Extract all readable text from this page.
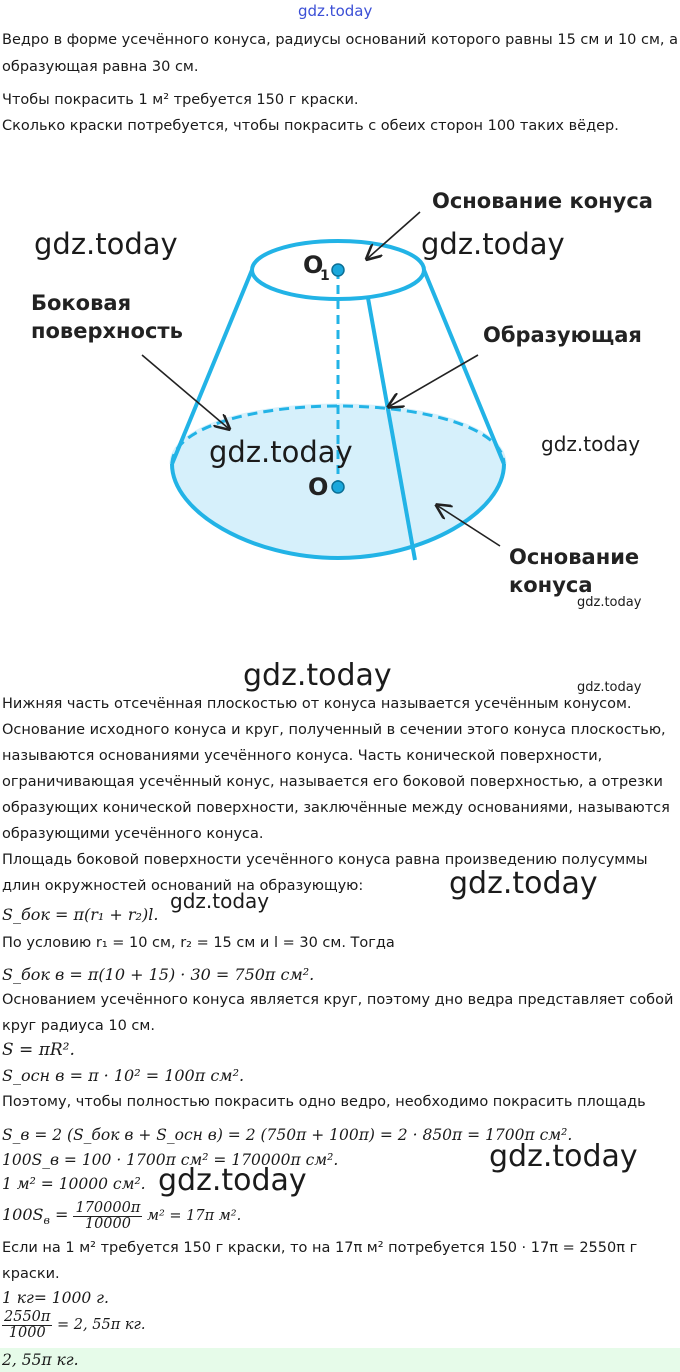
gdz.today
Ведро в форме усечённого конуса, радиусы оснований которого равны 15 см и 10 см, а
образующая равна 30 см.
Чтобы покрасить 1 м² требуется 150 г краски.
Сколько краски потребуется, чтобы покрасить с обеих сторон 100 таких вёдер.
Основание конуса
O
1
Боковая
поверхность	Образующая
O
Основание
конуса
gdz.today	gdz.today
gdz.today	gdz.today
gdz.today
gdz.today	gdz.today
Нижняя часть отсечённая плоскостью от конуса называется усечённым конусом.
Основание исходного конуса и круг, полученный в сечении этого конуса плоскостью,
называются основаниями усечённого конуса. Часть конической поверхности,
ограничивающая усечённый конус, называется его боковой поверхностью, а отрезки
образующих конической поверхности, заключённые между основаниями, называются
образующими усечённого конуса.
Площадь боковой поверхности усечённого конуса равна произведению полусуммы
длин окружностей оснований на образующую:	gdz.today
gdz.today
S_бок = π(r₁ + r₂)l.
По условию r₁ = 10 см, r₂ = 15 см и l = 30 см. Тогда
S_бок в = π(10 + 15) · 30 = 750π см².
Основанием усечённого конуса является круг, поэтому дно ведра представляет собой
круг радиуса 10 см.
S = πR².
S_осн в = π · 10² = 100π см².
Поэтому, чтобы полностью покрасить одно ведро, необходимо покрасить площадь
S_в = 2 (S_бок в + S_осн в) = 2 (750π + 100π) = 2 · 850π = 1700π см².
100S_в = 100 · 1700π см² = 170000π см².	gdz.today
gdz.today
1 м² = 10000 см².
$100S_в = \frac{170000\pi}{10000} м^2 = 17\pi$ м².
Если на 1 м² требуется 150 г краски, то на 17π м² потребуется 150 · 17π = 2550π г
краски.
1 кг= 1000 г.
$\frac{2550\pi}{1000} = 2$, 55π кг.
2, 55π кг.
